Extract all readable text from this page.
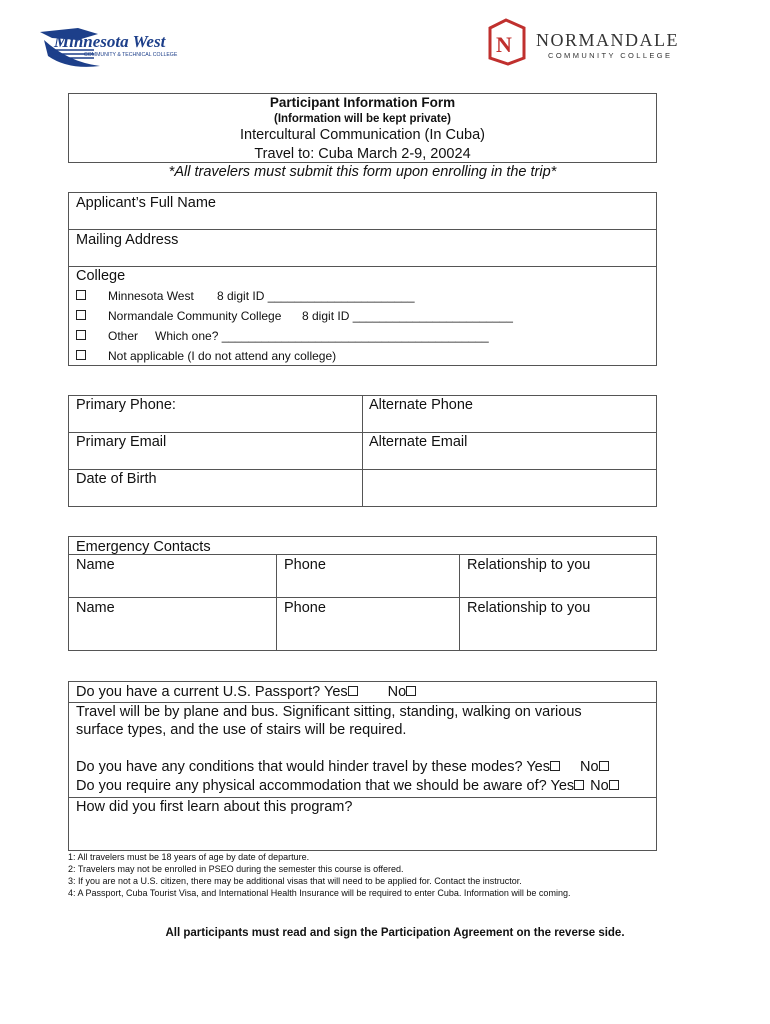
Minnesota West
COMMUNITY & TECHNICAL COLLEGE	N NORMANDALE
COMMUNITY COLLEGE
Participant Information Form
(Information will be kept private)
Intercultural Communication (In Cuba)
Travel to: Cuba March 2-9, 20024
*All travelers must submit this form upon enrolling in the trip*
Applicant’s Full Name
Mailing Address
College
Minnesota West 8 digit ID ______________________
Normandale Community College 8 digit ID ________________________
Other Which one? ________________________________________
Not applicable (I do not attend any college)
Primary Phone:	Alternate Phone
Primary Email	Alternate Email
Date of Birth
Emergency Contacts
Name	Phone	Relationship to you
Name	Phone	Relationship to you
Do you have a current U.S. Passport? Yes	No
Travel will be by plane and bus. Significant sitting, standing, walking on various
surface types, and the use of stairs will be required.
Do you have any conditions that would hinder travel by these modes? Yes No
Do you require any physical accommodation that we should be aware of? Yes No
How did you first learn about this program?
1: All travelers must be 18 years of age by date of departure.
2: Travelers may not be enrolled in PSEO during the semester this course is offered.
3: If you are not a U.S. citizen, there may be additional visas that will need to be applied for. Contact the instructor.
4: A Passport, Cuba Tourist Visa, and International Health Insurance will be required to enter Cuba. Information will be coming.
All participants must read and sign the Participation Agreement on the reverse side.
